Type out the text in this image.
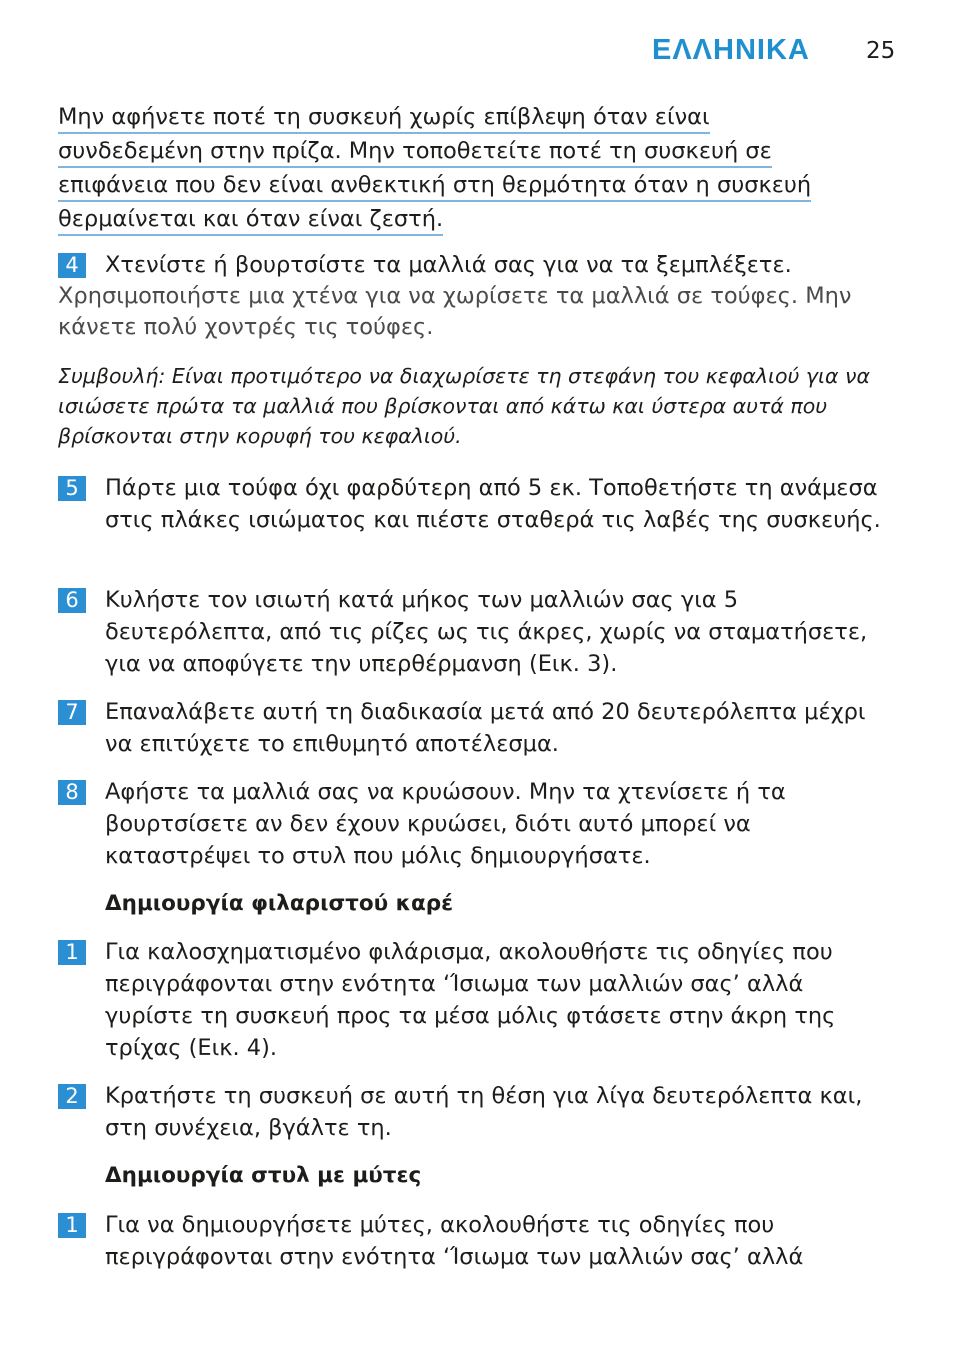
ΕΛΛΗΝΙΚΑ 25
Μην αφήνετε ποτέ τη συσκευή χωρίς επίβλεψη όταν είναι
συνδεδεμένη στην πρίζα. Μην τοποθετείτε ποτέ τη συσκευή σε
επιφάνεια που δεν είναι ανθεκτική στη θερμότητα όταν η συσκευή
θερμαίνεται και όταν είναι ζεστή.
4	Χτενίστε ή βουρτσίστε τα μαλλιά σας για να τα ξεμπλέξετε.
Χρησιμοποιήστε μια χτένα για να χωρίσετε τα μαλλιά σε τούφες. Μην κάνετε πολύ χοντρές τις τούφες.
Συμβουλή: Είναι προτιμότερο να διαχωρίσετε τη στεφάνη του κεφαλιού για να ισιώσετε πρώτα τα μαλλιά που βρίσκονται από κάτω και ύστερα αυτά που βρίσκονται στην κορυφή του κεφαλιού.
5	Πάρτε μια τούφα όχι φαρδύτερη από 5 εκ. Τοποθετήστε τη ανάμεσα στις πλάκες ισιώματος και πιέστε σταθερά τις λαβές της συσκευής.
6	Κυλήστε τον ισιωτή κατά μήκος των μαλλιών σας για 5 δευτερόλεπτα, από τις ρίζες ως τις άκρες, χωρίς να σταματήσετε, για να αποφύγετε την υπερθέρμανση (Εικ. 3).
7	Επαναλάβετε αυτή τη διαδικασία μετά από 20 δευτερόλεπτα μέχρι να επιτύχετε το επιθυμητό αποτέλεσμα.
8	Αφήστε τα μαλλιά σας να κρυώσουν. Μην τα χτενίσετε ή τα βουρτσίσετε αν δεν έχουν κρυώσει, διότι αυτό μπορεί να καταστρέψει το στυλ που μόλις δημιουργήσατε.
Δημιουργία φιλαριστού καρέ
1	Για καλοσχηματισμένο φιλάρισμα, ακολουθήστε τις οδηγίες που περιγράφονται στην ενότητα ‘Ίσιωμα των μαλλιών σας’ αλλά γυρίστε τη συσκευή προς τα μέσα μόλις φτάσετε στην άκρη της τρίχας (Εικ. 4).
2	Κρατήστε τη συσκευή σε αυτή τη θέση για λίγα δευτερόλεπτα και, στη συνέχεια, βγάλτε τη.
Δημιουργία στυλ με μύτες
1	Για να δημιουργήσετε μύτες, ακολουθήστε τις οδηγίες που περιγράφονται στην ενότητα ‘Ίσιωμα των μαλλιών σας’ αλλά
